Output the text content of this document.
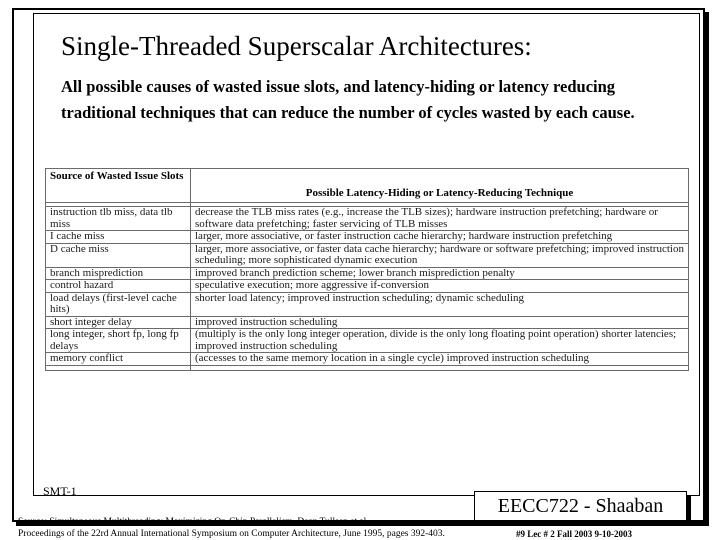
Single-Threaded Superscalar Architectures:
All possible causes of wasted issue slots, and latency-hiding or latency reducing traditional techniques that can reduce the number of cycles wasted by each cause.
Source of Wasted Issue Slots	Possible Latency-Hiding or Latency-Reducing Technique

instruction tlb miss, data tlb miss	decrease the TLB miss rates (e.g., increase the TLB sizes); hardware instruction prefetching; hardware or software data prefetching; faster servicing of TLB misses
I cache miss	larger, more associative, or faster instruction cache hierarchy; hardware instruction prefetching
D cache miss	larger, more associative, or faster data cache hierarchy; hardware or software prefetching; improved instruction scheduling; more sophisticated dynamic execution
branch misprediction	improved branch prediction scheme; lower branch misprediction penalty
control hazard	speculative execution; more aggressive if-conversion
load delays (first-level cache hits)	shorter load latency; improved instruction scheduling; dynamic scheduling
short integer delay	improved instruction scheduling
long integer, short fp, long fp delays	(multiply is the only long integer operation, divide is the only long floating point operation) shorter latencies; improved instruction scheduling
memory conflict	(accesses to the same memory location in a single cycle) improved instruction scheduling

SMT-1
Source: Simultaneous Multithreading: Maximizing On-Chip Parallelism. Dean Tullsen et al.,
Proceedings of the 22rd Annual International Symposium on Computer Architecture, June 1995, pages 392-403.
EECC722 - Shaaban
#9 Lec # 2 Fall 2003 9-10-2003
